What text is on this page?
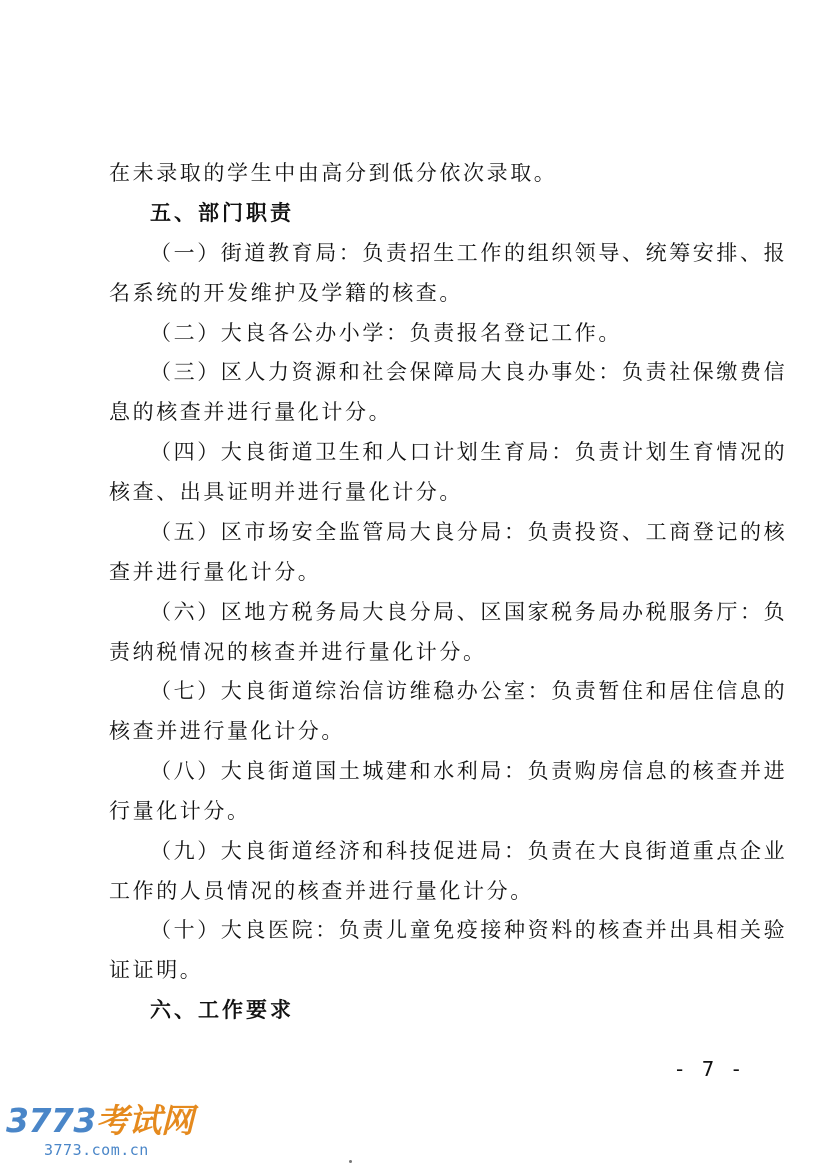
在未录取的学生中由高分到低分依次录取。
五、部门职责
（一）街道教育局：负责招生工作的组织领导、统筹安排、报
名系统的开发维护及学籍的核查。
（二）大良各公办小学：负责报名登记工作。
（三）区人力资源和社会保障局大良办事处：负责社保缴费信
息的核查并进行量化计分。
（四）大良街道卫生和人口计划生育局：负责计划生育情况的
核查、出具证明并进行量化计分。
（五）区市场安全监管局大良分局：负责投资、工商登记的核
查并进行量化计分。
（六）区地方税务局大良分局、区国家税务局办税服务厅：负
责纳税情况的核查并进行量化计分。
（七）大良街道综治信访维稳办公室：负责暂住和居住信息的
核查并进行量化计分。
（八）大良街道国土城建和水利局：负责购房信息的核查并进
行量化计分。
（九）大良街道经济和科技促进局：负责在大良街道重点企业
工作的人员情况的核查并进行量化计分。
（十）大良医院：负责儿童免疫接种资料的核查并出具相关验
证证明。
六、工作要求
- 7 -
3773考试网
3773.com.cn
